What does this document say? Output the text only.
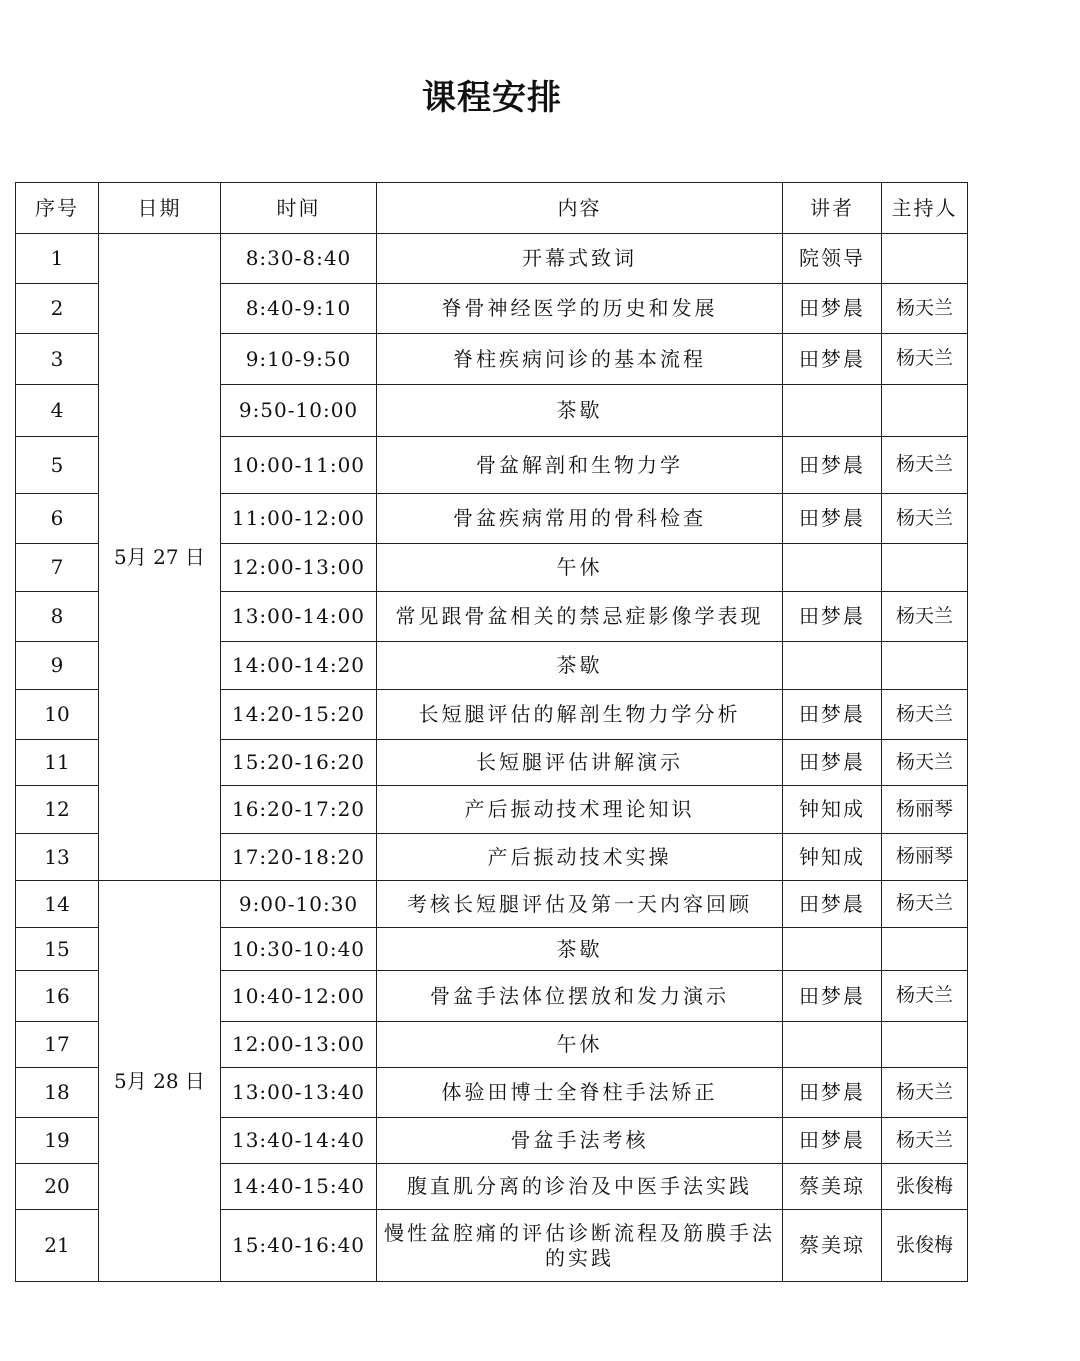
课程安排
序号	日期	时间	内容	讲者	主持人
1	5月 27 日	8:30-8:40	开幕式致词	院领导	
2		8:40-9:10	脊骨神经医学的历史和发展	田梦晨	杨天兰
3		9:10-9:50	脊柱疾病问诊的基本流程	田梦晨	杨天兰
4		9:50-10:00	茶歇		
5		10:00-11:00	骨盆解剖和生物力学	田梦晨	杨天兰
6		11:00-12:00	骨盆疾病常用的骨科检查	田梦晨	杨天兰
7		12:00-13:00	午休		
8		13:00-14:00	常见跟骨盆相关的禁忌症影像学表现	田梦晨	杨天兰
9		14:00-14:20	茶歇		
10		14:20-15:20	长短腿评估的解剖生物力学分析	田梦晨	杨天兰
11		15:20-16:20	长短腿评估讲解演示	田梦晨	杨天兰
12		16:20-17:20	产后振动技术理论知识	钟知成	杨丽琴
13		17:20-18:20	产后振动技术实操	钟知成	杨丽琴
14	5月 28 日	9:00-10:30	考核长短腿评估及第一天内容回顾	田梦晨	杨天兰
15		10:30-10:40	茶歇		
16		10:40-12:00	骨盆手法体位摆放和发力演示	田梦晨	杨天兰
17		12:00-13:00	午休		
18		13:00-13:40	体验田博士全脊柱手法矫正	田梦晨	杨天兰
19		13:40-14:40	骨盆手法考核	田梦晨	杨天兰
20		14:40-15:40	腹直肌分离的诊治及中医手法实践	蔡美琼	张俊梅
21		15:40-16:40	慢性盆腔痛的评估诊断流程及筋膜手法的实践	蔡美琼	张俊梅
